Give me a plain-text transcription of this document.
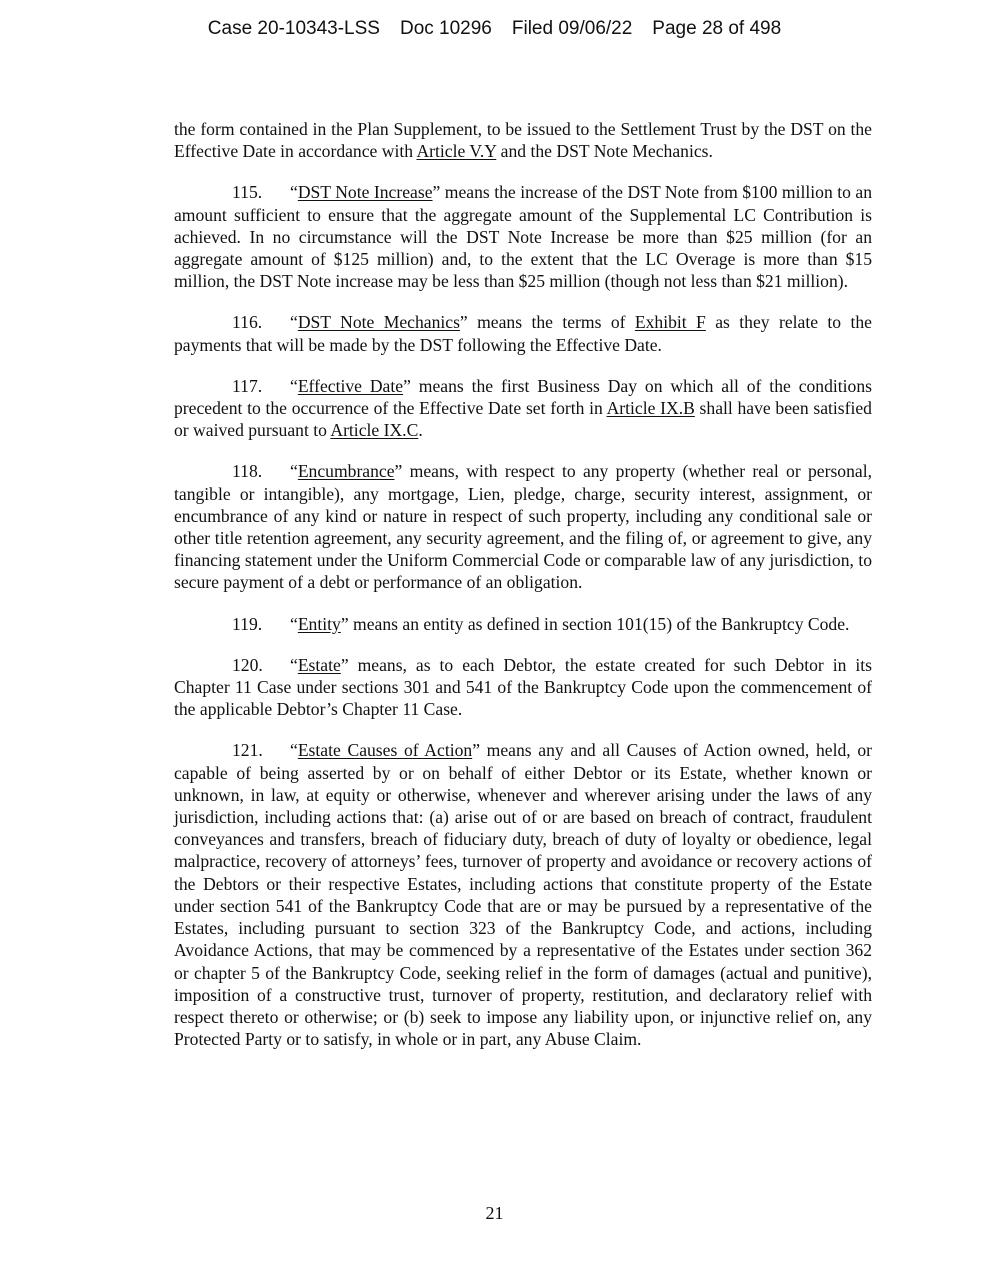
Case 20-10343-LSS Doc 10296 Filed 09/06/22 Page 28 of 498

the form contained in the Plan Supplement, to be issued to the Settlement Trust by the DST on the Effective Date in accordance with Article V.Y and the DST Note Mechanics.

115. “DST Note Increase” means the increase of the DST Note from $100 million to an amount sufficient to ensure that the aggregate amount of the Supplemental LC Contribution is achieved. In no circumstance will the DST Note Increase be more than $25 million (for an aggregate amount of $125 million) and, to the extent that the LC Overage is more than $15 million, the DST Note increase may be less than $25 million (though not less than $21 million).

116. “DST Note Mechanics” means the terms of Exhibit F as they relate to the payments that will be made by the DST following the Effective Date.

117. “Effective Date” means the first Business Day on which all of the conditions precedent to the occurrence of the Effective Date set forth in Article IX.B shall have been satisfied or waived pursuant to Article IX.C.

118. “Encumbrance” means, with respect to any property (whether real or personal, tangible or intangible), any mortgage, Lien, pledge, charge, security interest, assignment, or encumbrance of any kind or nature in respect of such property, including any conditional sale or other title retention agreement, any security agreement, and the filing of, or agreement to give, any financing statement under the Uniform Commercial Code or comparable law of any jurisdiction, to secure payment of a debt or performance of an obligation.

119. “Entity” means an entity as defined in section 101(15) of the Bankruptcy Code.

120. “Estate” means, as to each Debtor, the estate created for such Debtor in its Chapter 11 Case under sections 301 and 541 of the Bankruptcy Code upon the commencement of the applicable Debtor’s Chapter 11 Case.

121. “Estate Causes of Action” means any and all Causes of Action owned, held, or capable of being asserted by or on behalf of either Debtor or its Estate, whether known or unknown, in law, at equity or otherwise, whenever and wherever arising under the laws of any jurisdiction, including actions that: (a) arise out of or are based on breach of contract, fraudulent conveyances and transfers, breach of fiduciary duty, breach of duty of loyalty or obedience, legal malpractice, recovery of attorneys’ fees, turnover of property and avoidance or recovery actions of the Debtors or their respective Estates, including actions that constitute property of the Estate under section 541 of the Bankruptcy Code that are or may be pursued by a representative of the Estates, including pursuant to section 323 of the Bankruptcy Code, and actions, including Avoidance Actions, that may be commenced by a representative of the Estates under section 362 or chapter 5 of the Bankruptcy Code, seeking relief in the form of damages (actual and punitive), imposition of a constructive trust, turnover of property, restitution, and declaratory relief with respect thereto or otherwise; or (b) seek to impose any liability upon, or injunctive relief on, any Protected Party or to satisfy, in whole or in part, any Abuse Claim.

21
